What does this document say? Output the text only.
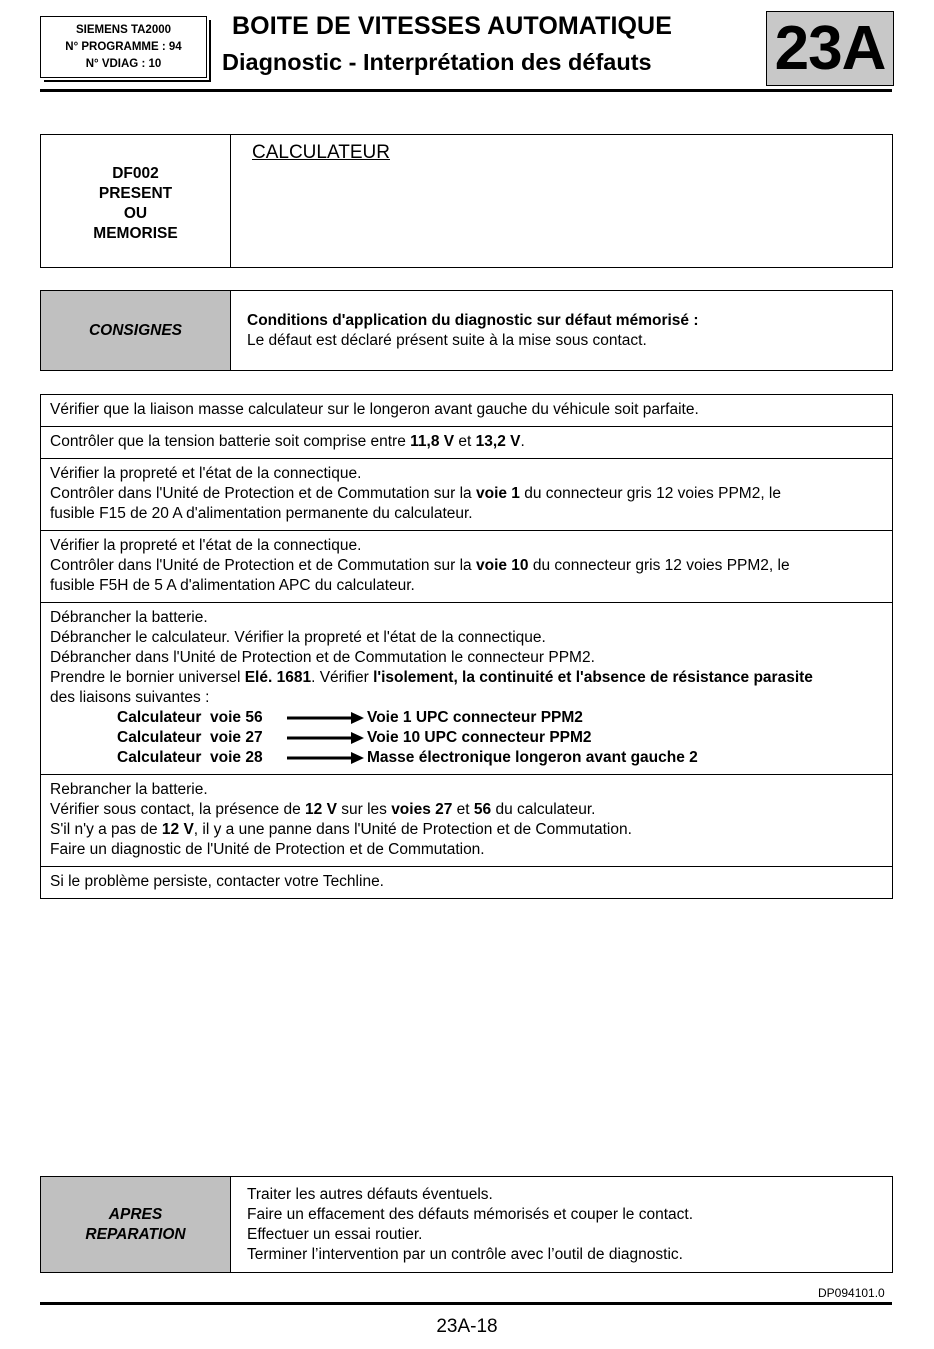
SIEMENS TA2000
N° PROGRAMME : 94
N° VDIAG : 10
BOITE DE VITESSES AUTOMATIQUE
Diagnostic - Interprétation des défauts 23A
DF002
PRESENT
OU
MEMORISE
CALCULATEUR
CONSIGNES
Conditions d'application du diagnostic sur défaut mémorisé :
Le défaut est déclaré présent suite à la mise sous contact.
Vérifier que la liaison masse calculateur sur le longeron avant gauche du véhicule soit parfaite.
Contrôler que la tension batterie soit comprise entre 11,8 V et 13,2 V.

Vérifier la propreté et l'état de la connectique.
Contrôler dans l'Unité de Protection et de Commutation sur la voie 1 du connecteur gris 12 voies PPM2, le
fusible F15 de 20 A d'alimentation permanente du calculateur.

Vérifier la propreté et l'état de la connectique.
Contrôler dans l'Unité de Protection et de Commutation sur la voie 10 du connecteur gris 12 voies PPM2, le
fusible F5H de 5 A d'alimentation APC du calculateur.

Débrancher la batterie.
Débrancher le calculateur. Vérifier la propreté et l'état de la connectique.
Débrancher dans l'Unité de Protection et de Commutation le connecteur PPM2.
Prendre le bornier universel Elé. 1681. Vérifier l'isolement, la continuité et l'absence de résistance parasite
des liaisons suivantes :
Calculateur  voie 56	Voie 1 UPC connecteur PPM2
Calculateur  voie 27	Voie 10 UPC connecteur PPM2
Calculateur  voie 28	Masse électronique longeron avant gauche 2

Rebrancher la batterie.
Vérifier sous contact, la présence de 12 V sur les voies 27 et 56 du calculateur.
S'il n'y a pas de 12 V, il y a une panne dans l'Unité de Protection et de Commutation.
Faire un diagnostic de l'Unité de Protection et de Commutation.

Si le problème persiste, contacter votre Techline.
APRES
REPARATION
Traiter les autres défauts éventuels.
Faire un effacement des défauts mémorisés et couper le contact.
Effectuer un essai routier.
Terminer l’intervention par un contrôle avec l’outil de diagnostic.
DP094101.0
23A-18
